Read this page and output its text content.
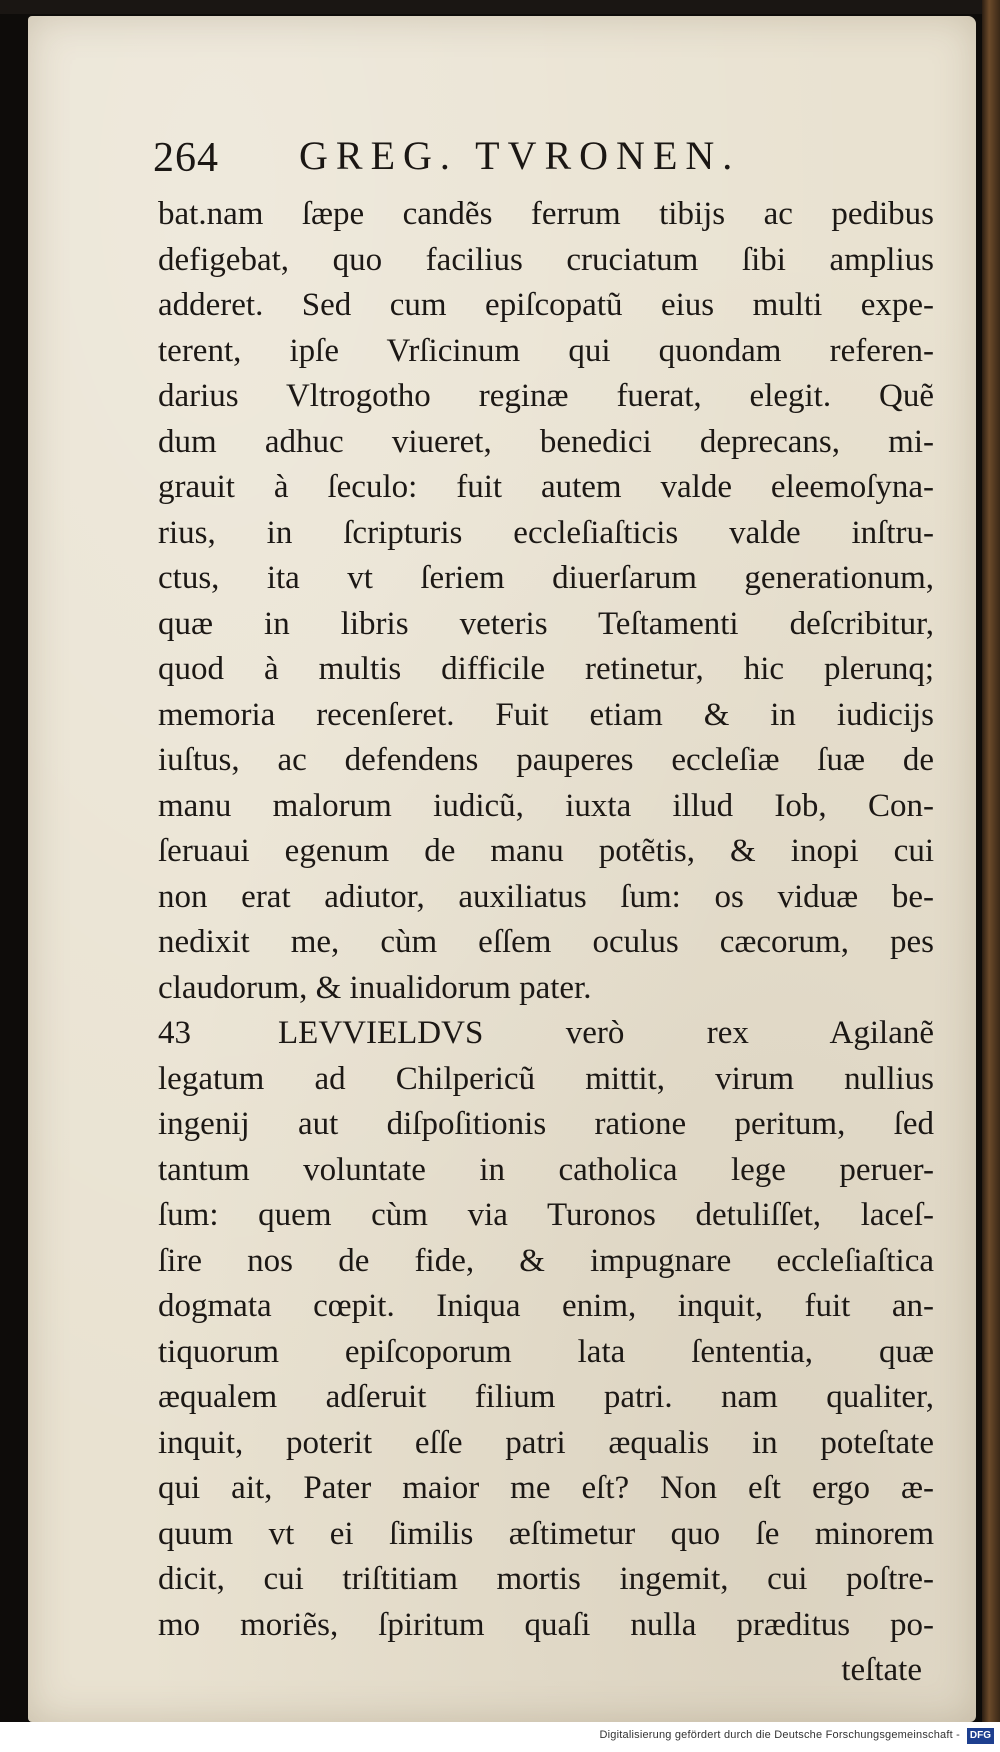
264 GREG. TVRONEN.
bat.nam ſæpe candẽs ferrum tibijs ac pedibus
defigebat, quo facilius cruciatum ſibi amplius
adderet. Sed cum epiſcopatũ eius multi expe-
terent, ipſe Vrſicinum qui quondam referen-
darius Vltrogotho reginæ fuerat, elegit. Quẽ
dum adhuc viueret, benedici deprecans, mi-
grauit à ſeculo: fuit autem valde eleemoſyna-
rius, in ſcripturis eccleſiaſticis valde inſtru-
ctus, ita vt ſeriem diuerſarum generationum,
quæ in libris veteris Teſtamenti deſcribitur,
quod à multis difficile retinetur, hic plerunq;
memoria recenſeret. Fuit etiam & in iudicijs
iuſtus, ac defendens pauperes eccleſiæ ſuæ de
manu malorum iudicũ, iuxta illud Iob, Con-
ſeruaui egenum de manu potẽtis, & inopi cui
non erat adiutor, auxiliatus ſum: os viduæ be-
nedixit me, cùm eſſem oculus cæcorum, pes
claudorum, & inualidorum pater.
43	LEVVIELDVS verò rex Agilanẽ
legatum ad Chilpericũ mittit, virum nullius
ingenij aut diſpoſitionis ratione peritum, ſed
tantum voluntate in catholica lege peruer-
ſum: quem cùm via Turonos detuliſſet, laceſ-
ſire nos de fide, & impugnare eccleſiaſtica
dogmata cœpit. Iniqua enim, inquit, fuit an-
tiquorum epiſcoporum lata ſententia, quæ
æqualem adſeruit filium patri. nam qualiter,
inquit, poterit eſſe patri æqualis in poteſtate
qui ait, Pater maior me eſt? Non eſt ergo æ-
quum vt ei ſimilis æſtimetur quo ſe minorem
dicit, cui triſtitiam mortis ingemit, cui poſtre-
mo moriẽs, ſpiritum quaſi nulla præditus po-
teſtate
Digitalisierung gefördert durch die Deutsche Forschungsgemeinschaft - DFG
